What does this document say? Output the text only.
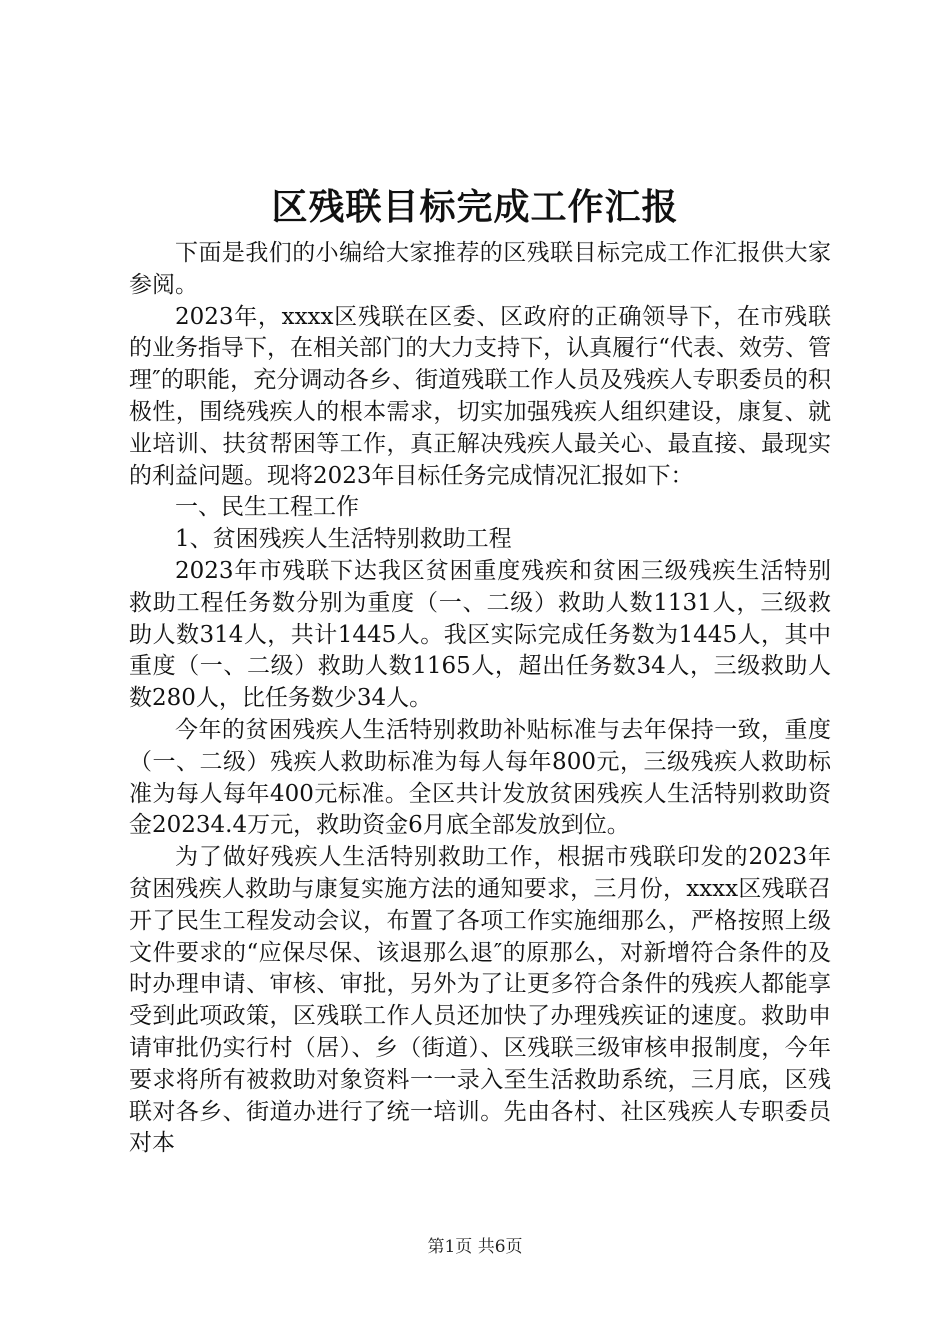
区残联目标完成工作汇报

下面是我们的小编给大家推荐的区残联目标完成工作汇报供大家参阅。

2023年，xxxx区残联在区委、区政府的正确领导下，在市残联的业务指导下，在相关部门的大力支持下，认真履行“代表、效劳、管理″的职能，充分调动各乡、街道残联工作人员及残疾人专职委员的积极性，围绕残疾人的根本需求，切实加强残疾人组织建设，康复、就业培训、扶贫帮困等工作，真正解决残疾人最关心、最直接、最现实的利益问题。现将2023年目标任务完成情况汇报如下：

一、民生工程工作

1、贫困残疾人生活特别救助工程

2023年市残联下达我区贫困重度残疾和贫困三级残疾生活特别救助工程任务数分别为重度（一、二级）救助人数1131人，三级救助人数314人，共计1445人。我区实际完成任务数为1445人，其中重度（一、二级）救助人数1165人，超出任务数34人，三级救助人数280人，比任务数少34人。

今年的贫困残疾人生活特别救助补贴标准与去年保持一致，重度（一、二级）残疾人救助标准为每人每年800元，三级残疾人救助标准为每人每年400元标准。全区共计发放贫困残疾人生活特别救助资金20234.4万元，救助资金6月底全部发放到位。

为了做好残疾人生活特别救助工作，根据市残联印发的2023年贫困残疾人救助与康复实施方法的通知要求，三月份，xxxx区残联召开了民生工程发动会议，布置了各项工作实施细那么，严格按照上级文件要求的“应保尽保、该退那么退″的原那么，对新增符合条件的及时办理申请、审核、审批，另外为了让更多符合条件的残疾人都能享受到此项政策，区残联工作人员还加快了办理残疾证的速度。救助申请审批仍实行村（居）、乡（街道）、区残联三级审核申报制度，今年要求将所有被救助对象资料一一录入至生活救助系统，三月底，区残联对各乡、街道办进行了统一培训。先由各村、社区残疾人专职委员对本

第1页 共6页
